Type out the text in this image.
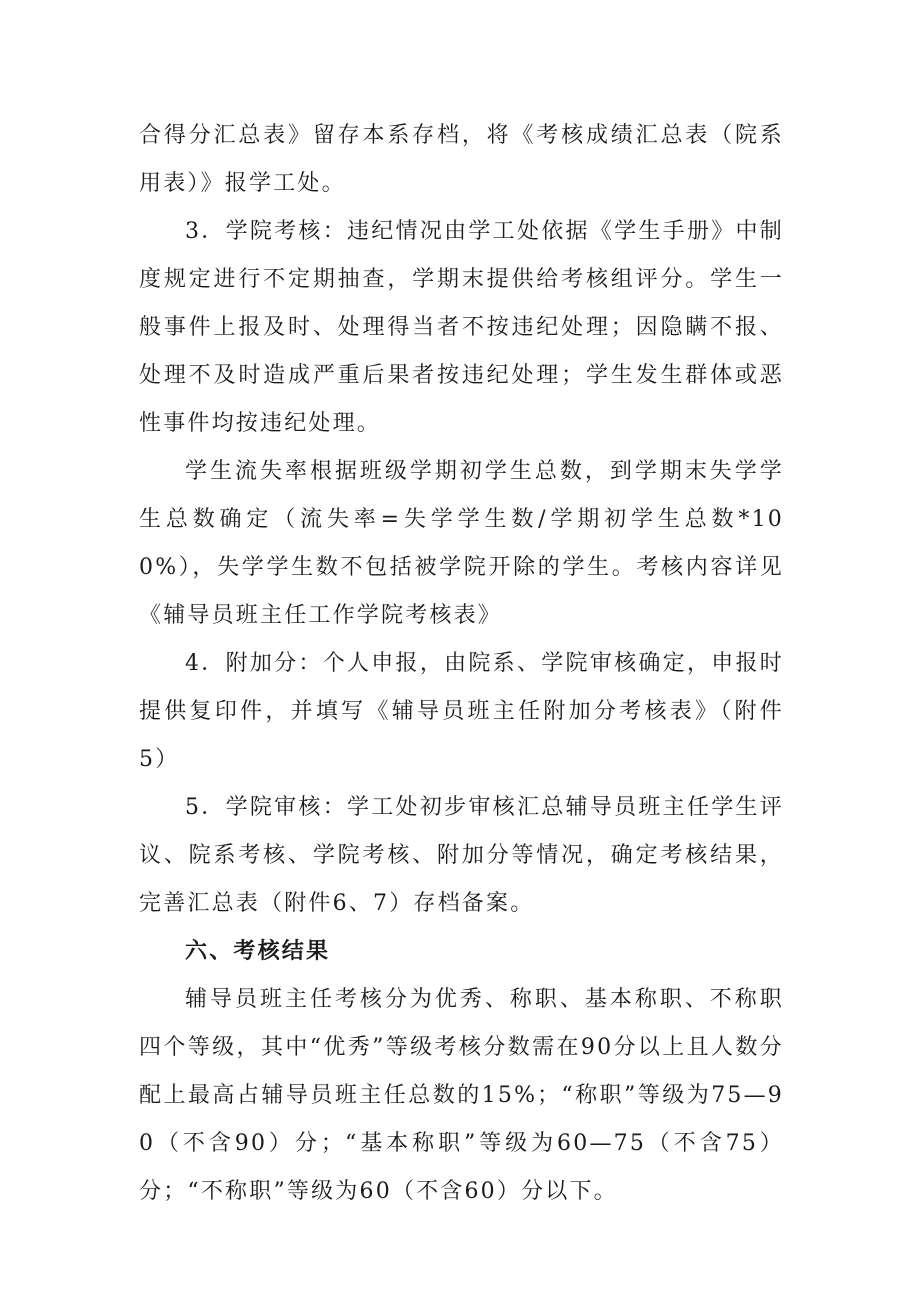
合得分汇总表》留存本系存档，将《考核成绩汇总表（院系用表）》报学工处。

3．学院考核：违纪情况由学工处依据《学生手册》中制度规定进行不定期抽查，学期末提供给考核组评分。学生一般事件上报及时、处理得当者不按违纪处理；因隐瞒不报、处理不及时造成严重后果者按违纪处理；学生发生群体或恶性事件均按违纪处理。

学生流失率根据班级学期初学生总数，到学期末失学学生总数确定（流失率=失学学生数/学期初学生总数*100%），失学学生数不包括被学院开除的学生。考核内容详见《辅导员班主任工作学院考核表》

4．附加分：个人申报，由院系、学院审核确定，申报时提供复印件，并填写《辅导员班主任附加分考核表》（附件5）

5．学院审核：学工处初步审核汇总辅导员班主任学生评议、院系考核、学院考核、附加分等情况，确定考核结果，完善汇总表（附件6、7）存档备案。

六、考核结果

辅导员班主任考核分为优秀、称职、基本称职、不称职四个等级，其中“优秀”等级考核分数需在90分以上且人数分配上最高占辅导员班主任总数的15%；“称职”等级为75—90（不含90）分；“基本称职”等级为60—75（不含75）分；“不称职”等级为60（不含60）分以下。
